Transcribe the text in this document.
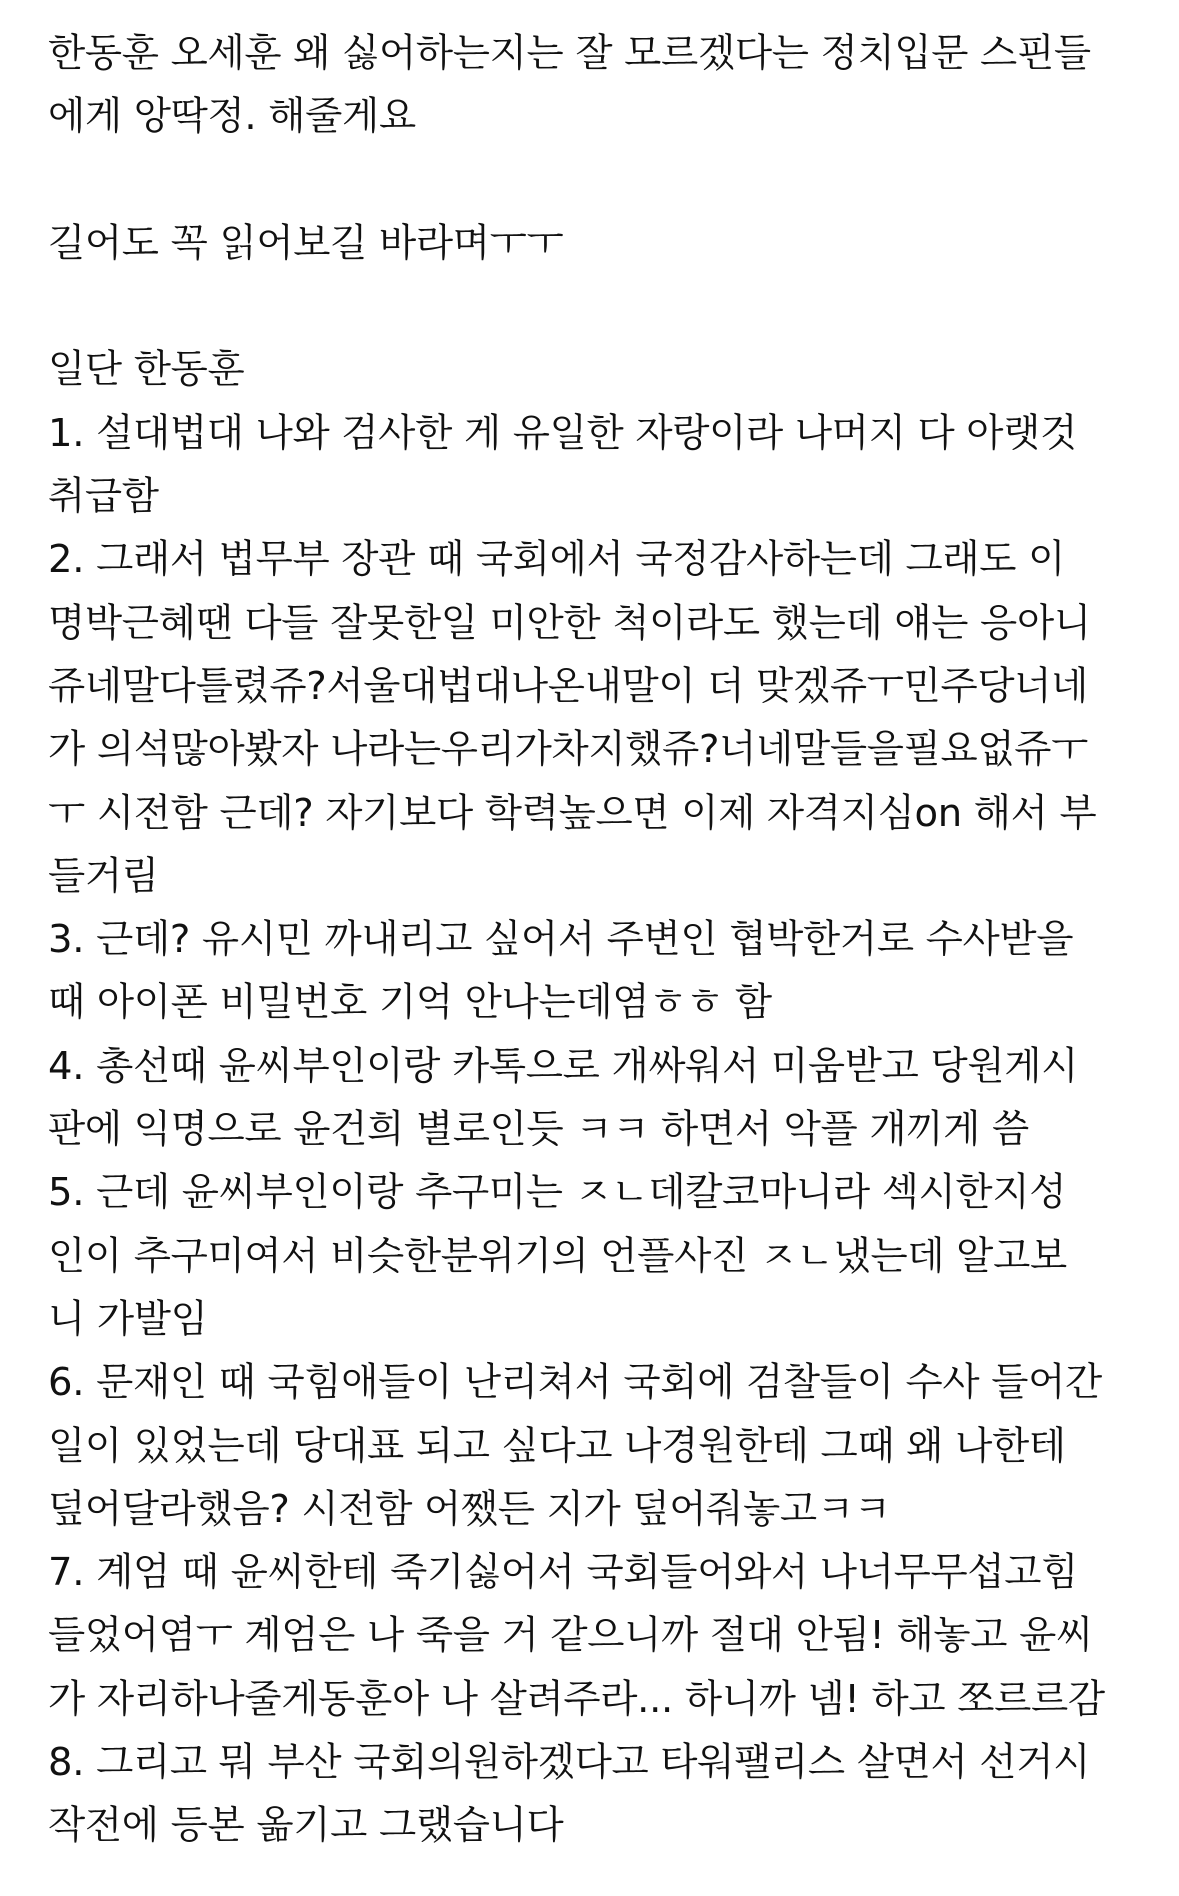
한동훈 오세훈 왜 싫어하는지는 잘 모르겠다는 정치입문 스핀들
에게 앙딱정. 해줄게요
길어도 꼭 읽어보길 바라며ㅜㅜ
일단 한동훈
1. 설대법대 나와 검사한 게 유일한 자랑이라 나머지 다 아랫것
취급함
2. 그래서 법무부 장관 때 국회에서 국정감사하는데 그래도 이
명박근혜땐 다들 잘못한일 미안한 척이라도 했는데 얘는 응아니
쥬네말다틀렸쥬?서울대법대나온내말이 더 맞겠쥬ㅜ민주당너네
가 의석많아봤자 나라는우리가차지했쥬?너네말들을필요없쥬ㅜ
ㅜ 시전함 근데? 자기보다 학력높으면 이제 자격지심on 해서 부
들거림
3. 근데? 유시민 까내리고 싶어서 주변인 협박한거로 수사받을
때 아이폰 비밀번호 기억 안나는데염ㅎㅎ 함
4. 총선때 윤씨부인이랑 카톡으로 개싸워서 미움받고 당원게시
판에 익명으로 윤건희 별로인듯 ㅋㅋ 하면서 악플 개끼게 씀
5. 근데 윤씨부인이랑 추구미는 ㅈㄴ데칼코마니라 섹시한지성
인이 추구미여서 비슷한분위기의 언플사진 ㅈㄴ냈는데 알고보
니 가발임
6. 문재인 때 국힘애들이 난리쳐서 국회에 검찰들이 수사 들어간
일이 있었는데 당대표 되고 싶다고 나경원한테 그때 왜 나한테
덮어달라했음? 시전함 어쨌든 지가 덮어줘놓고ㅋㅋ
7. 계엄 때 윤씨한테 죽기싫어서 국회들어와서 나너무무섭고힘
들었어염ㅜ 계엄은 나 죽을 거 같으니까 절대 안됨! 해놓고 윤씨
가 자리하나줄게동훈아 나 살려주라... 하니까 넴! 하고 쪼르르감
8. 그리고 뭐 부산 국회의원하겠다고 타워팰리스 살면서 선거시
작전에 등본 옮기고 그랬습니다
